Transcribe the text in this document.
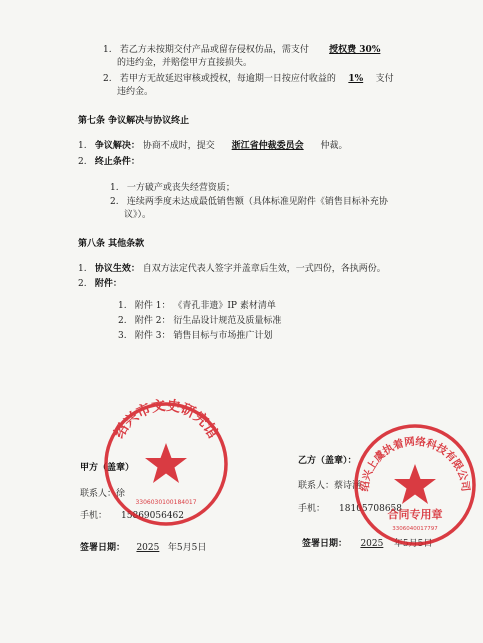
1. 若乙方未按期交付产品或留存侵权仿品，需支付 授权费 30%
的违约金，并赔偿甲方直接损失。
2. 若甲方无故延迟审核或授权，每逾期一日按应付收益的 1% 支付
违约金。
第七条 争议解决与协议终止
1. 争议解决： 协商不成时，提交 浙江省仲裁委员会 仲裁。
2. 终止条件：
1. 一方破产或丧失经营资质；
2. 连续两季度未达成最低销售额（具体标准见附件《销售目标补充协
议》）。
第八条 其他条款
1. 协议生效： 自双方法定代表人签字并盖章后生效，一式四份，各执两份。
2. 附件：
1. 附件 1： 《青孔非遗》IP 素材清单
2. 附件 2： 衍生品设计规范及质量标准
3. 附件 3： 销售目标与市场推广计划
甲方（盖章）
联系人：徐
手机： 15869056462
签署日期： 2025 年5月5日
乙方（盖章）：
联系人：蔡诗涵
手机： 18105708658
签署日期： 2025 年5月5日
绍兴市文史研究馆
3306030100184017
绍兴上虞执着网络科技有限公司
合同专用章
3306040017797
